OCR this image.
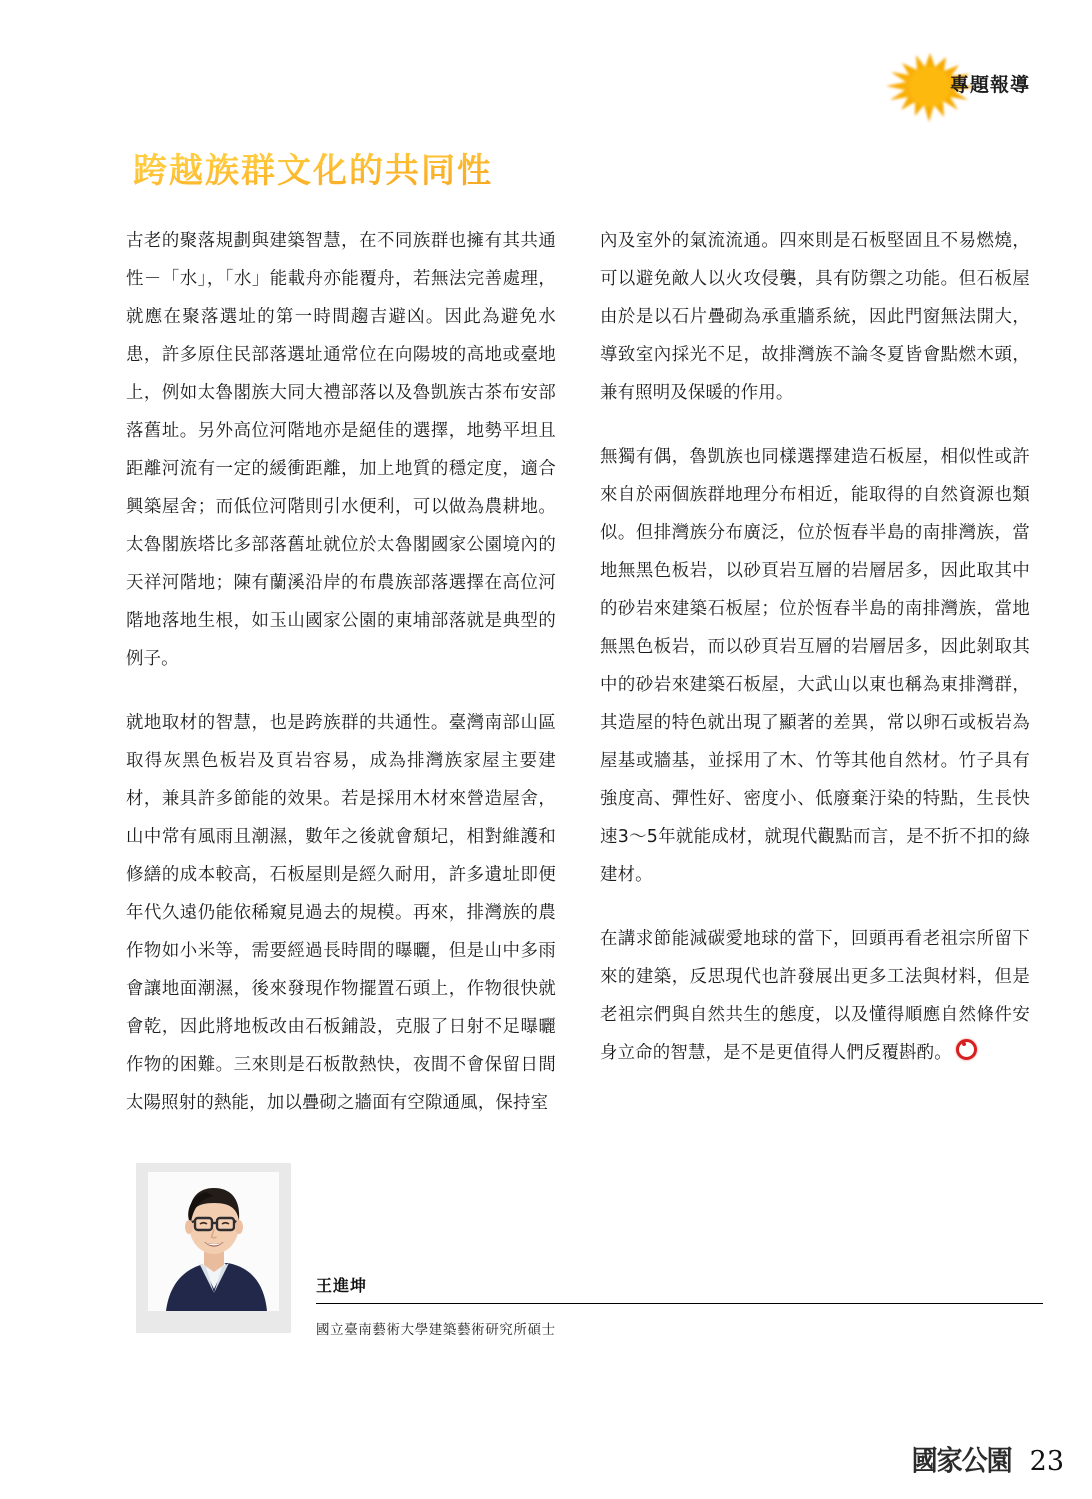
專題報導
跨越族群文化的共同性

古老的聚落規劃與建築智慧，在不同族群也擁有其共通性－「水」，「水」能載舟亦能覆舟，若無法完善處理，就應在聚落選址的第一時間趨吉避凶。因此為避免水患，許多原住民部落選址通常位在向陽坡的高地或臺地上，例如太魯閣族大同大禮部落以及魯凱族古茶布安部落舊址。另外高位河階地亦是絕佳的選擇，地勢平坦且距離河流有一定的緩衝距離，加上地質的穩定度，適合興築屋舍；而低位河階則引水便利，可以做為農耕地。太魯閣族塔比多部落舊址就位於太魯閣國家公園境內的天祥河階地；陳有蘭溪沿岸的布農族部落選擇在高位河階地落地生根，如玉山國家公園的東埔部落就是典型的例子。

就地取材的智慧，也是跨族群的共通性。臺灣南部山區取得灰黑色板岩及頁岩容易，成為排灣族家屋主要建材，兼具許多節能的效果。若是採用木材來營造屋舍，山中常有風雨且潮濕，數年之後就會頹圮，相對維護和修繕的成本較高，石板屋則是經久耐用，許多遺址即便年代久遠仍能依稀窺見過去的規模。再來，排灣族的農作物如小米等，需要經過長時間的曝曬，但是山中多雨會讓地面潮濕，後來發現作物擺置石頭上，作物很快就會乾，因此將地板改由石板鋪設，克服了日射不足曝曬作物的困難。三來則是石板散熱快，夜間不會保留日間太陽照射的熱能，加以疊砌之牆面有空隙通風，保持室

內及室外的氣流流通。四來則是石板堅固且不易燃燒，可以避免敵人以火攻侵襲，具有防禦之功能。但石板屋由於是以石片疊砌為承重牆系統，因此門窗無法開大，導致室內採光不足，故排灣族不論冬夏皆會點燃木頭，兼有照明及保暖的作用。

無獨有偶，魯凱族也同樣選擇建造石板屋，相似性或許來自於兩個族群地理分布相近，能取得的自然資源也類似。但排灣族分布廣泛，位於恆春半島的南排灣族，當地無黑色板岩，以砂頁岩互層的岩層居多，因此取其中的砂岩來建築石板屋；位於恆春半島的南排灣族，當地無黑色板岩，而以砂頁岩互層的岩層居多，因此剝取其中的砂岩來建築石板屋，大武山以東也稱為東排灣群，其造屋的特色就出現了顯著的差異，常以卵石或板岩為屋基或牆基，並採用了木、竹等其他自然材。竹子具有強度高、彈性好、密度小、低廢棄汙染的特點，生長快速3～5年就能成材，就現代觀點而言，是不折不扣的綠建材。

在講求節能減碳愛地球的當下，回頭再看老祖宗所留下來的建築，反思現代也許發展出更多工法與材料，但是老祖宗們與自然共生的態度，以及懂得順應自然條件安身立命的智慧，是不是更值得人們反覆斟酌。

王進坤
國立臺南藝術大學建築藝術研究所碩士
國家公園 23
